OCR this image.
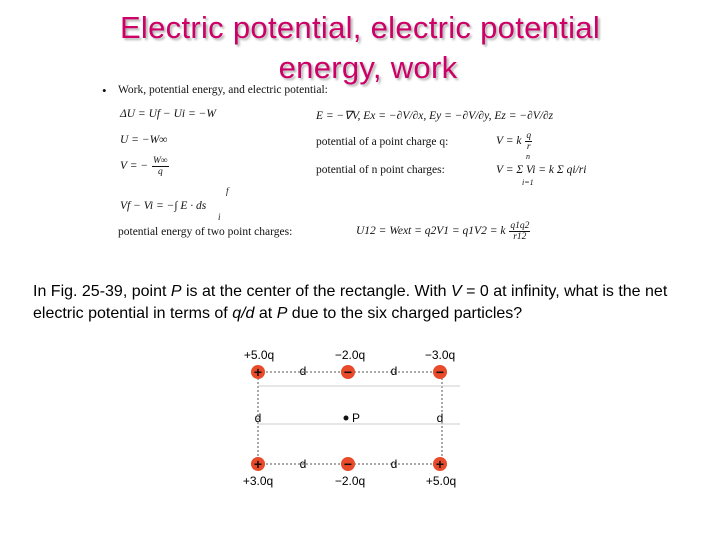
Electric potential, electric potential

energy, work
• Work, potential energy, and electric potential:
ΔU = Uf − Ui = −W
U = −W∞
V = − $\frac{W\infty}{q}$
f
Vf − Vi = −∫ E · ds
i
E = −∇V, Ex = −∂V/∂x, Ey = −∂V/∂y, Ez = −∂V/∂z
potential of a point charge q:	V = k $\frac{q}{r}$
potential of n point charges:	V = Σ Vi = k Σ qi/ri
n
i=1
potential energy of two point charges:	U12 = Wext = q2V1 = q1V2 = k $\frac{q1q2}{r12}$
In Fig. 25-39, point P is at the center of the rectangle. With V = 0 at infinity, what is the net electric potential in terms of q/d at P due to the six charged particles?
+5.0q	−2.0q	−3.0q
+	−	−
d	d
d	d
P
+	−	+
d	d
+3.0q	−2.0q	+5.0q
